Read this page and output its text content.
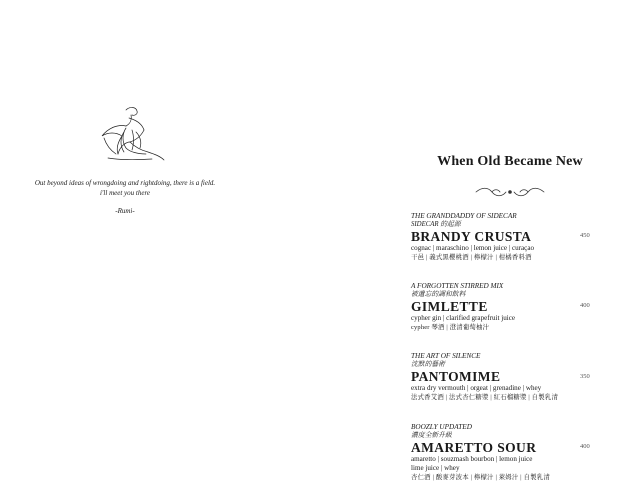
Out beyond ideas of wrongdoing and rightdoing, there is a field.
i'll meet you there
-Rumi-
When Old Became New
THE GRANDDADDY OF SIDECAR
SIDECAR 的起源
BRANDY CRUSTA
cognac | maraschino | lemon juice | curaçao
干邑 | 義式黑櫻桃酒 | 檸檬汁 | 柑橘香料酒
450
A FORGOTTEN STIRRED MIX
被遺忘的調和飲料
GIMLETTE
cypher gin | clarified grapefruit juice
cypher 琴酒 | 澄清葡萄柚汁
400
THE ART OF SILENCE
沈默的藝術
PANTOMIME
extra dry vermouth | orgeat | grenadine | whey
法式香艾酒 | 法式杏仁糖漿 | 紅石榴糖漿 | 自製乳清
350
BOOZLY UPDATED
濃度全新升級
AMARETTO SOUR
amaretto | souzmash bourbon | lemon juice
lime juice | whey
杏仁酒 | 酸麥芽波本 | 檸檬汁 | 萊姆汁 | 自製乳清
400
